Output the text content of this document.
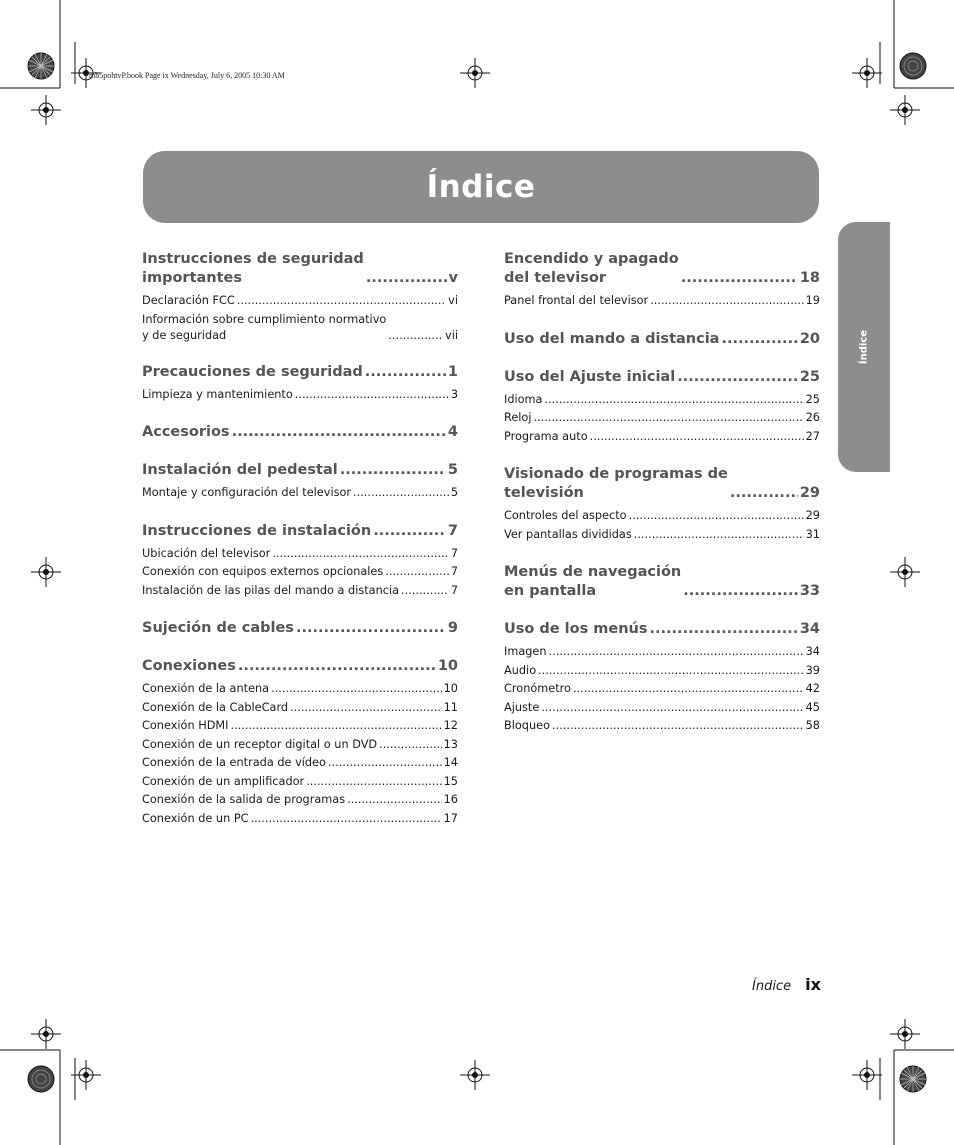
mb5pohtvP.book Page ix Wednesday, July 6, 2005 10:30 AM
Índice
Índice
Instrucciones de seguridad
importantes .....	v
Declaración FCC .....	vi
Información sobre cumplimiento normativo
y de seguridad .....	vii
Precauciones de seguridad .....	1
Limpieza y mantenimiento .....	3
Accesorios .....	4
Instalación del pedestal .....	5
Montaje y configuración del televisor .....	5
Instrucciones de instalación .....	7
Ubicación del televisor .....	7
Conexión con equipos externos opcionales .....	7
Instalación de las pilas del mando a distancia .....	7
Sujeción de cables .....	9
Conexiones .....	10
Conexión de la antena .....	10
Conexión de la CableCard .....	11
Conexión HDMI .....	12
Conexión de un receptor digital o un DVD .....	13
Conexión de la entrada de vídeo .....	14
Conexión de un amplificador .....	15
Conexión de la salida de programas .....	16
Conexión de un PC .....	17
Encendido y apagado
del televisor .....	18
Panel frontal del televisor .....	19
Uso del mando a distancia .....	20
Uso del Ajuste inicial .....	25
Idioma .....	25
Reloj .....	26
Programa auto .....	27
Visionado de programas de
televisión .....	29
Controles del aspecto .....	29
Ver pantallas divididas .....	31
Menús de navegación
en pantalla .....	33
Uso de los menús .....	34
Imagen .....	34
Audio .....	39
Cronómetro .....	42
Ajuste .....	45
Bloqueo .....	58
Índice ix
